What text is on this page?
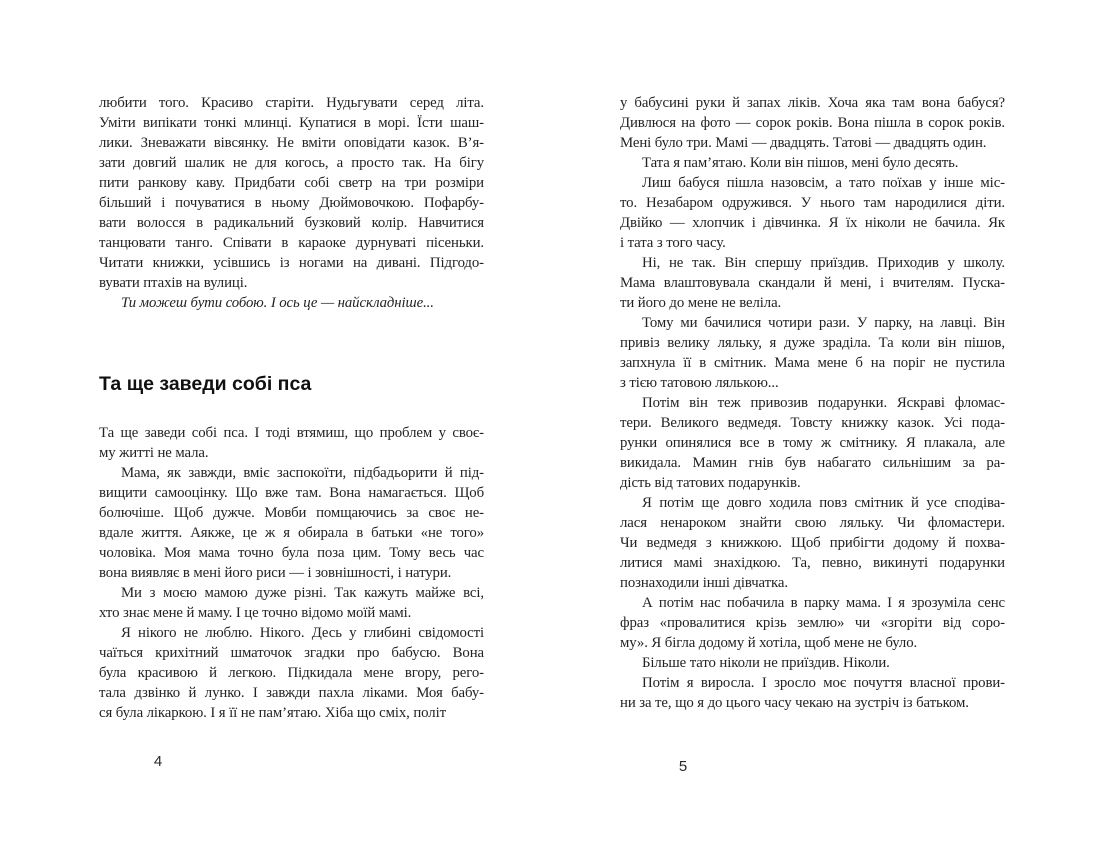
любити того. Красиво старіти. Нудьгувати серед літа.
Уміти випікати тонкі млинці. Купатися в морі. Їсти шаш-
лики. Зневажати вівсянку. Не вміти оповідати казок. В’я-
зати довгий шалик не для когось, а просто так. На бігу
пити ранкову каву. Придбати собі светр на три розміри
більший і почуватися в ньому Дюймовочкою. Пофарбу-
вати волосся в радикальний бузковий колір. Навчитися
танцювати танго. Співати в караоке дурнуваті пісеньки.
Читати книжки, усівшись із ногами на дивані. Підгодо-
вувати птахів на вулиці.
Ти можеш бути собою. І ось це — найскладніше...
Та ще заведи собі пса
Та ще заведи собі пса. І тоді втямиш, що проблем у своє-
му житті не мала.
Мама, як завжди, вміє заспокоїти, підбадьорити й під-
вищити самооцінку. Що вже там. Вона намагається. Щоб
болючіше. Щоб дужче. Мовби помщаючись за своє не-
вдале життя. Аякже, це ж я обирала в батьки «не того»
чоловіка. Моя мама точно була поза цим. Тому весь час
вона виявляє в мені його риси — і зовнішності, і натури.
Ми з моєю мамою дуже різні. Так кажуть майже всі,
хто знає мене й маму. І це точно відомо моїй мамі.
Я нікого не люблю. Нікого. Десь у глибині свідомості
чаїться крихітний шматочок згадки про бабусю. Вона
була красивою й легкою. Підкидала мене вгору, рего-
тала дзвінко й лунко. І завжди пахла ліками. Моя бабу-
ся була лікаркою. І я її не пам’ятаю. Хіба що сміх, політ
4
у бабусині руки й запах ліків. Хоча яка там вона бабуся?
Дивлюся на фото — сорок років. Вона пішла в сорок років.
Мені було три. Мамі — двадцять. Татові — двадцять один.
Тата я пам’ятаю. Коли він пішов, мені було десять.
Лиш бабуся пішла назовсім, а тато поїхав у інше міс-
то. Незабаром одружився. У нього там народилися діти.
Двійко — хлопчик і дівчинка. Я їх ніколи не бачила. Як
і тата з того часу.
Ні, не так. Він спершу приїздив. Приходив у школу.
Мама влаштовувала скандали й мені, і вчителям. Пуска-
ти його до мене не веліла.
Тому ми бачилися чотири рази. У парку, на лавці. Він
привіз велику ляльку, я дуже зраділа. Та коли він пішов,
запхнула її в смітник. Мама мене б на поріг не пустила
з тією татовою лялькою...
Потім він теж привозив подарунки. Яскраві фломас-
тери. Великого ведмедя. Товсту книжку казок. Усі пода-
рунки опинялися все в тому ж смітнику. Я плакала, але
викидала. Мамин гнів був набагато сильнішим за ра-
дість від татових подарунків.
Я потім ще довго ходила повз смітник й усе сподіва-
лася ненароком знайти свою ляльку. Чи фломастери.
Чи ведмедя з книжкою. Щоб прибігти додому й похва-
литися мамі знахідкою. Та, певно, викинуті подарунки
познаходили інші дівчатка.
А потім нас побачила в парку мама. І я зрозуміла сенс
фраз «провалитися крізь землю» чи «згоріти від соро-
му». Я бігла додому й хотіла, щоб мене не було.
Більше тато ніколи не приїздив. Ніколи.
Потім я виросла. І зросло моє почуття власної прови-
ни за те, що я до цього часу чекаю на зустріч із батьком.
5
